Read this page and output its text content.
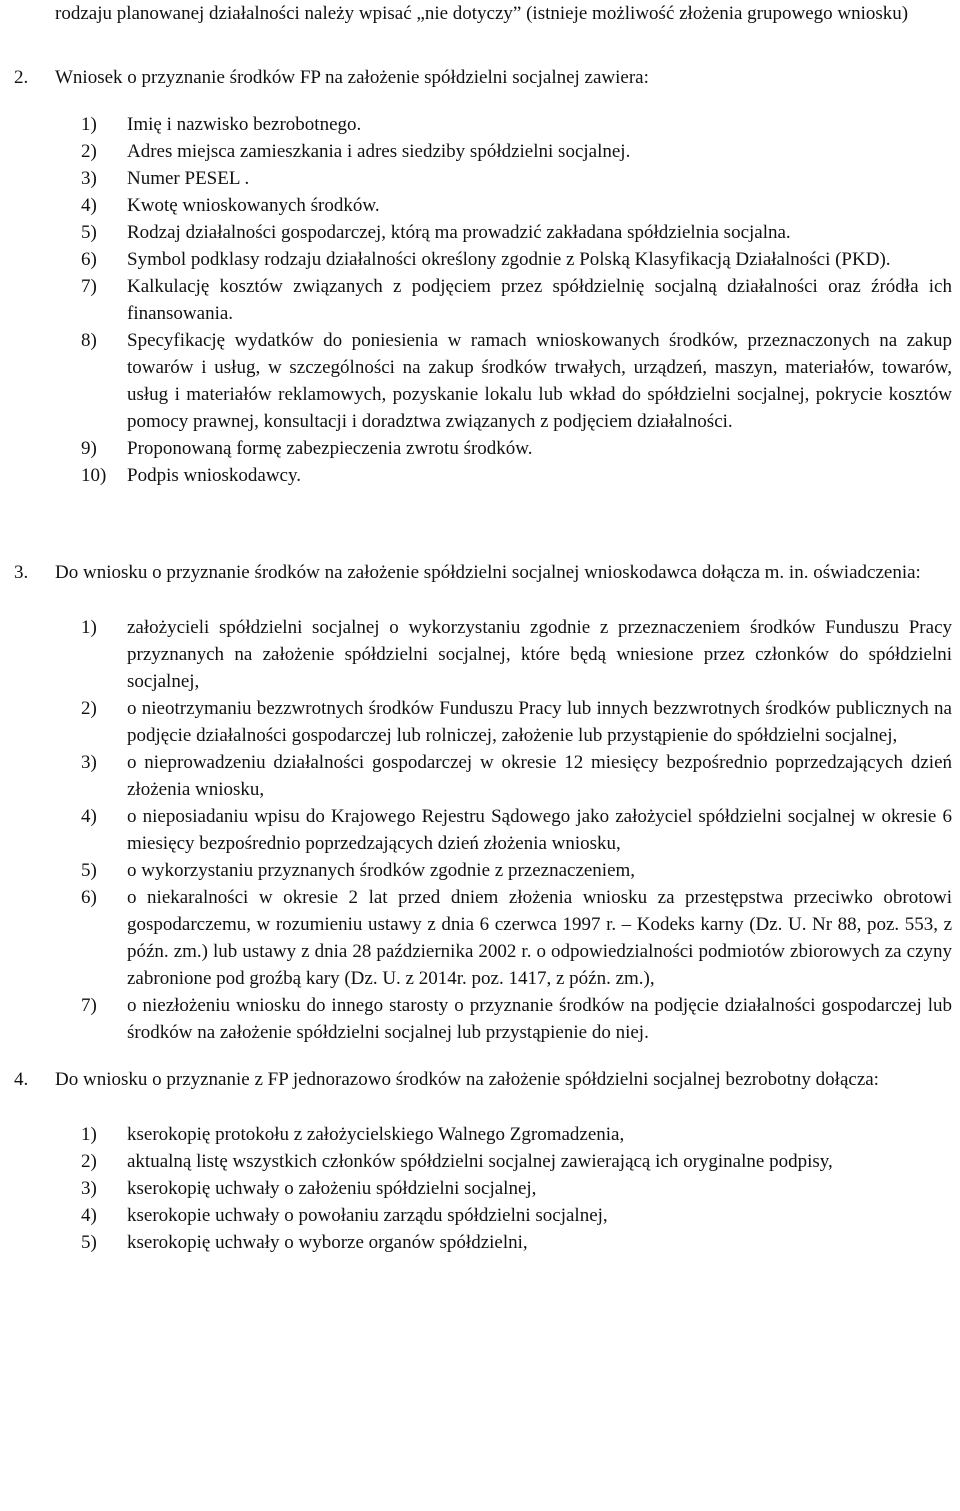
rodzaju planowanej działalności należy wpisać „nie dotyczy” (istnieje możliwość złożenia grupowego wniosku)

2.	Wniosek o przyznanie środków FP na założenie spółdzielni socjalnej zawiera:
1)	Imię i nazwisko bezrobotnego.
2)	Adres miejsca zamieszkania i adres siedziby spółdzielni socjalnej.
3)	Numer PESEL .
4)	Kwotę wnioskowanych środków.
5)	Rodzaj działalności gospodarczej, którą ma prowadzić zakładana spółdzielnia socjalna.
6)	Symbol podklasy rodzaju działalności określony zgodnie z Polską Klasyfikacją Działalności (PKD).
7)	Kalkulację kosztów związanych z podjęciem przez spółdzielnię socjalną działalności oraz źródła ich finansowania.
8)	Specyfikację wydatków do poniesienia w ramach wnioskowanych środków, przeznaczonych na zakup towarów i usług, w szczególności na zakup środków trwałych, urządzeń, maszyn, materiałów, towarów, usług i materiałów reklamowych, pozyskanie lokalu lub wkład do spółdzielni socjalnej, pokrycie kosztów pomocy prawnej, konsultacji i doradztwa związanych z podjęciem działalności.
9)	Proponowaną formę zabezpieczenia zwrotu środków.
10)	Podpis wnioskodawcy.
3.	Do wniosku o przyznanie środków na założenie spółdzielni socjalnej wnioskodawca dołącza m. in. oświadczenia:
1)	założycieli spółdzielni socjalnej o wykorzystaniu zgodnie z przeznaczeniem środków Funduszu Pracy przyznanych na założenie spółdzielni socjalnej, które będą wniesione przez członków do spółdzielni socjalnej,
2)	o nieotrzymaniu bezzwrotnych środków Funduszu Pracy lub innych bezzwrotnych środków publicznych na podjęcie działalności gospodarczej lub rolniczej, założenie lub przystąpienie do spółdzielni socjalnej,
3)	o nieprowadzeniu działalności gospodarczej w okresie 12 miesięcy bezpośrednio poprzedzających dzień złożenia wniosku,
4)	o nieposiadaniu wpisu do Krajowego Rejestru Sądowego jako założyciel spółdzielni socjalnej w okresie 6 miesięcy bezpośrednio poprzedzających dzień złożenia wniosku,
5)	o wykorzystaniu przyznanych środków zgodnie z przeznaczeniem,
6)	o niekaralności w okresie 2 lat przed dniem złożenia wniosku za przestępstwa przeciwko obrotowi gospodarczemu, w rozumieniu ustawy z dnia 6 czerwca 1997 r. – Kodeks karny (Dz. U. Nr 88, poz. 553, z późn. zm.) lub ustawy z dnia 28 października 2002 r. o odpowiedzialności podmiotów zbiorowych za czyny zabronione pod groźbą kary (Dz. U. z 2014r. poz. 1417, z późn. zm.),
7)	o niezłożeniu wniosku do innego starosty o przyznanie środków na podjęcie działalności gospodarczej lub środków na założenie spółdzielni socjalnej lub przystąpienie do niej.
4.	Do wniosku o przyznanie z FP jednorazowo środków na założenie spółdzielni socjalnej bezrobotny dołącza:
1)	kserokopię protokołu z założycielskiego Walnego Zgromadzenia,
2)	aktualną listę wszystkich członków spółdzielni socjalnej zawierającą ich oryginalne podpisy,
3)	kserokopię uchwały o założeniu spółdzielni socjalnej,
4)	kserokopie uchwały o powołaniu zarządu spółdzielni socjalnej,
5)	kserokopię uchwały o wyborze organów spółdzielni,
